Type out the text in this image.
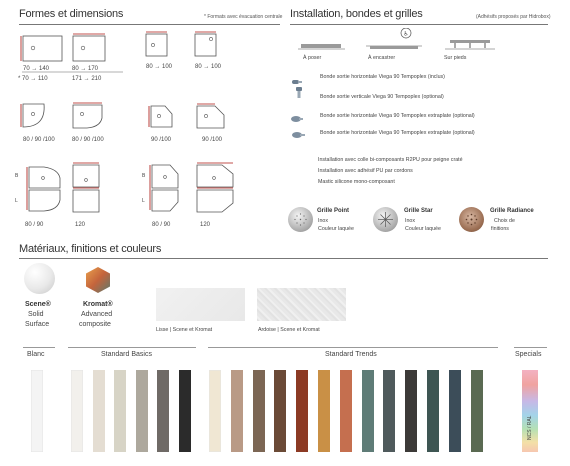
Formes et dimensions	* Formats avec évacuation centrale
70 → 140	80 → 170
* 70 → 110	171 → 210
80 → 100	80 → 100
80 / 90 /100	80 / 90 /100	90 /100	90 /100
B
L
B
L
80 / 90	120	80 / 90	120
Installation, bondes et grilles	(Adhésifs proposés par Hidrobox)
♿
À poser	À encastrer	Sur pieds
Bonde sortie horizontale Viega 90 Tempoplex (inclus)
Bonde sortie verticale Viega 90 Tempoplex (optional)
Bonde sortie horizontale Viega 90 Tempoplex extraplate (optional)
Bonde sortie horizontale Viega 90 Tempoplex extraplate (optional)
Installation avec colle bi-composants R2PU pour peigne craté
Installation avec adhésif PU par cordons
Mastic silicone mono-composant
Grille Point
Inox
Couleur laquée
Grille Star
Inox
Couleur laquée
Grille Radiance
Choix de
finitions
Matériaux, finitions et couleurs
Scene®
Solid
Surface
Kromat®
Advanced
composite
Lisse | Scene et Kromat	Ardoise | Scene et Kromat
Blanc	Standard Basics	Standard Trends	Specials
NCS / RAL
